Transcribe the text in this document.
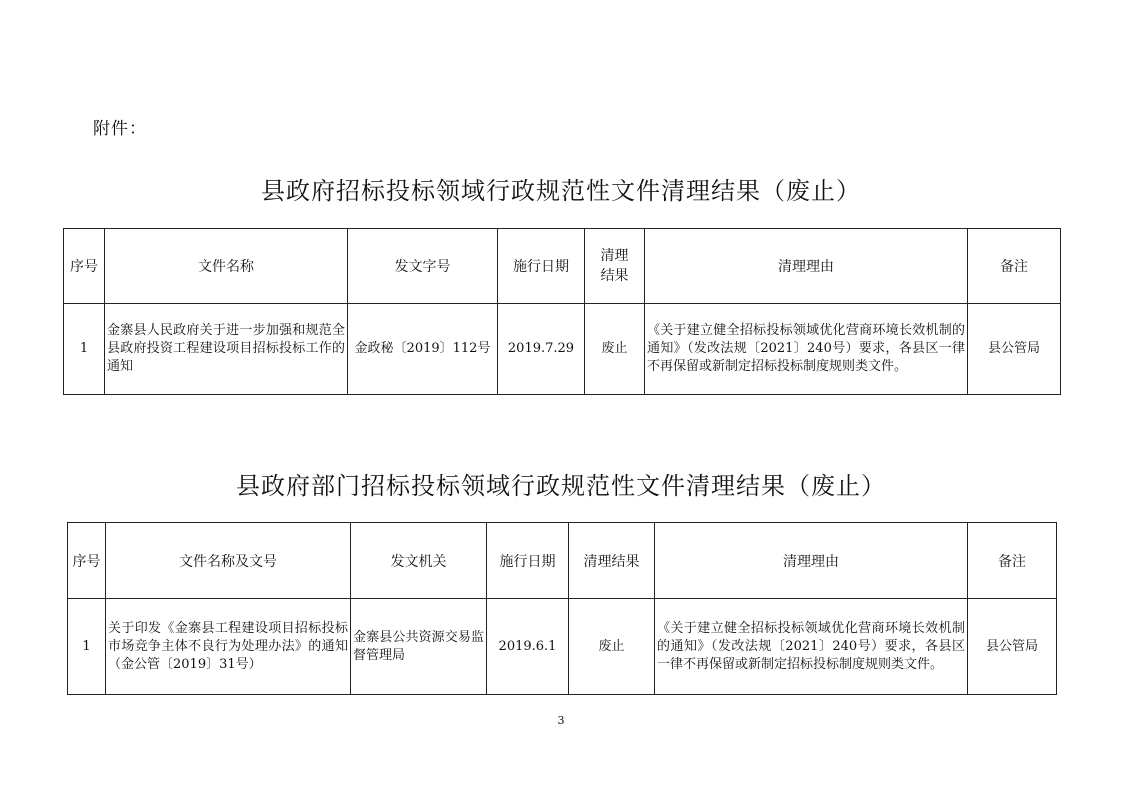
附件：
县政府招标投标领域行政规范性文件清理结果（废止）
序号	文件名称	发文字号	施行日期	清理结果	清理理由	备注
1	金寨县人民政府关于进一步加强和规范全县政府投资工程建设项目招标投标工作的通知	金政秘〔2019〕112号	2019.7.29	废止	《关于建立健全招标投标领域优化营商环境长效机制的通知》（发改法规〔2021〕240号）要求，各县区一律不再保留或新制定招标投标制度规则类文件。	县公管局
县政府部门招标投标领域行政规范性文件清理结果（废止）
序号	文件名称及文号	发文机关	施行日期	清理结果	清理理由	备注
1	关于印发《金寨县工程建设项目招标投标市场竞争主体不良行为处理办法》的通知（金公管〔2019〕31号）	金寨县公共资源交易监督管理局	2019.6.1	废止	《关于建立健全招标投标领域优化营商环境长效机制的通知》（发改法规〔2021〕240号）要求，各县区一律不再保留或新制定招标投标制度规则类文件。	县公管局
3
